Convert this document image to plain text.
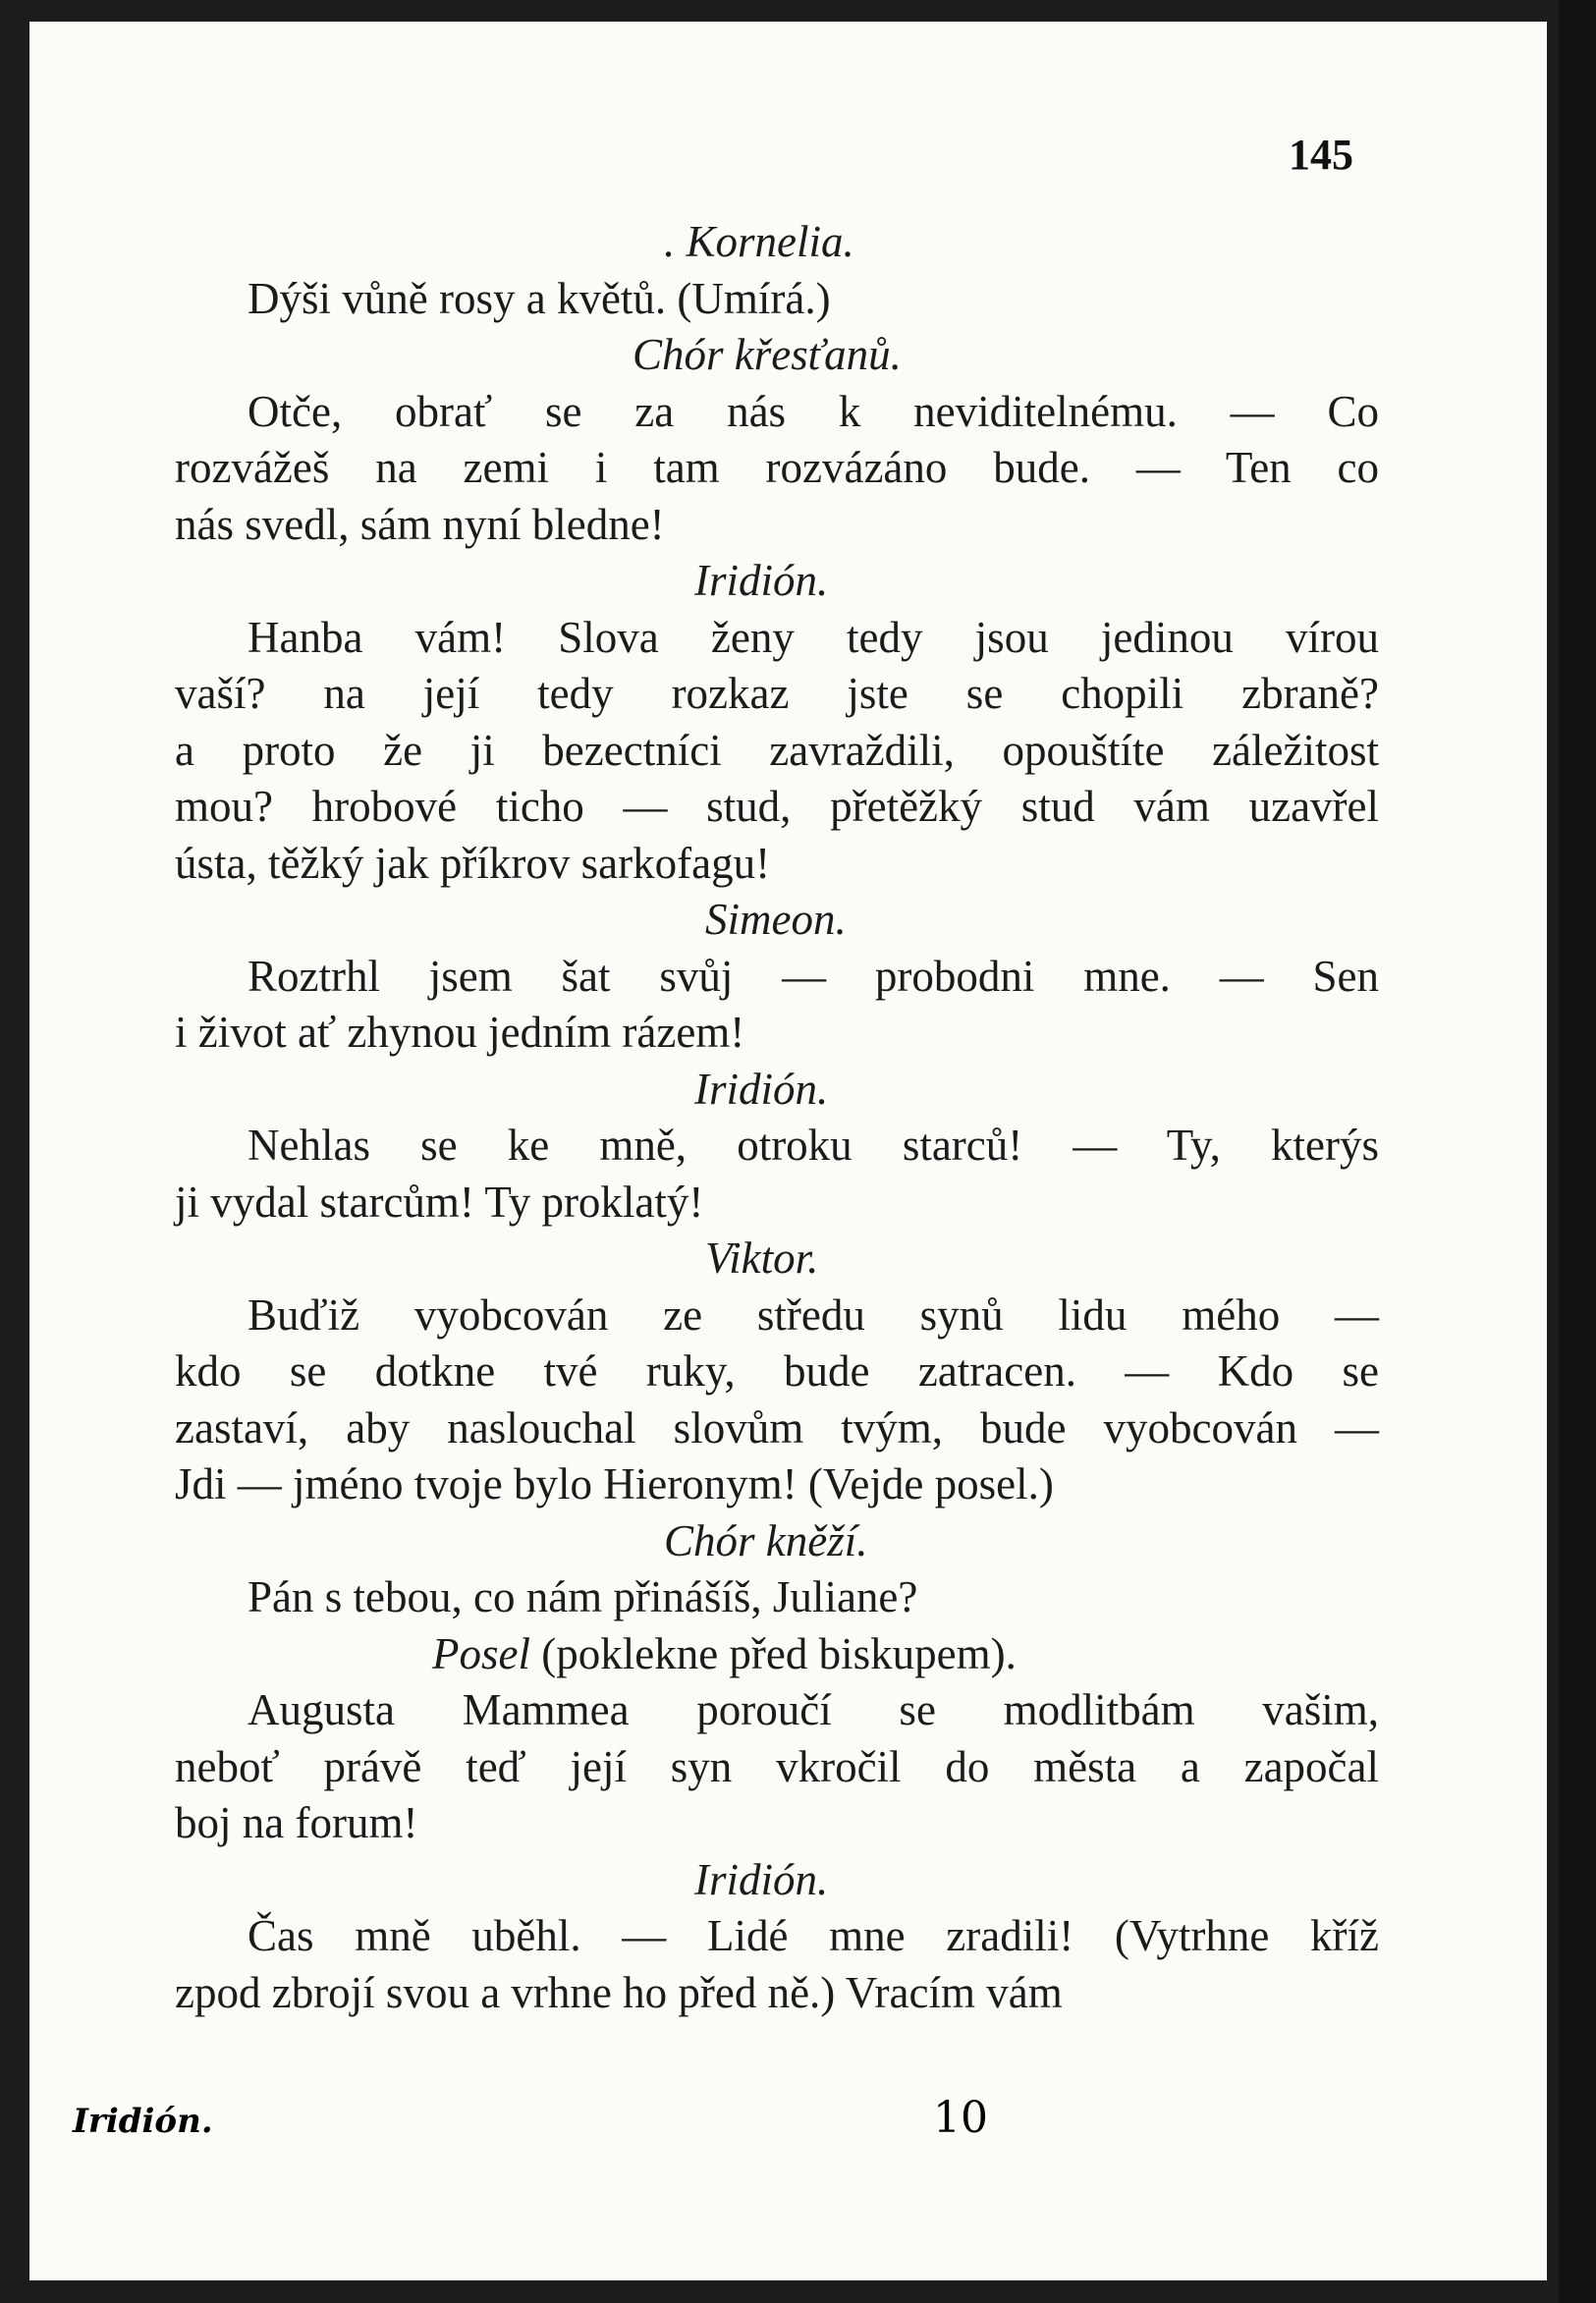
145
. Kornelia.
Dýši vůně rosy a květů. (Umírá.)
Chór křesťanů.
Otče, obrať se za nás k neviditelnému. — Co
rozvážeš na zemi i tam rozvázáno bude. — Ten co
nás svedl, sám nyní bledne!
Iridión.
Hanba vám! Slova ženy tedy jsou jedinou vírou
vaší? na její tedy rozkaz jste se chopili zbraně?
a proto že ji bezectníci zavraždili, opouštíte záležitost
mou? hrobové ticho — stud, přetěžký stud vám uzavřel
ústa, těžký jak příkrov sarkofagu!
Simeon.
Roztrhl jsem šat svůj — probodni mne. — Sen
i život ať zhynou jedním rázem!
Iridión.
Nehlas se ke mně, otroku starců! — Ty, kterýs
ji vydal starcům! Ty proklatý!
Viktor.
Buďiž vyobcován ze středu synů lidu mého —
kdo se dotkne tvé ruky, bude zatracen. — Kdo se
zastaví, aby naslouchal slovům tvým, bude vyobcován —
Jdi — jméno tvoje bylo Hieronym! (Vejde posel.)
Chór kněží.
Pán s tebou, co nám přinášíš, Juliane?
Posel (poklekne před biskupem).
Augusta Mammea poroučí se modlitbám vašim,
neboť právě teď její syn vkročil do města a započal
boj na forum!
Iridión.
Čas mně uběhl. — Lidé mne zradili! (Vytrhne kříž
zpod zbrojí svou a vrhne ho před ně.) Vracím vám
Iridión.	10
